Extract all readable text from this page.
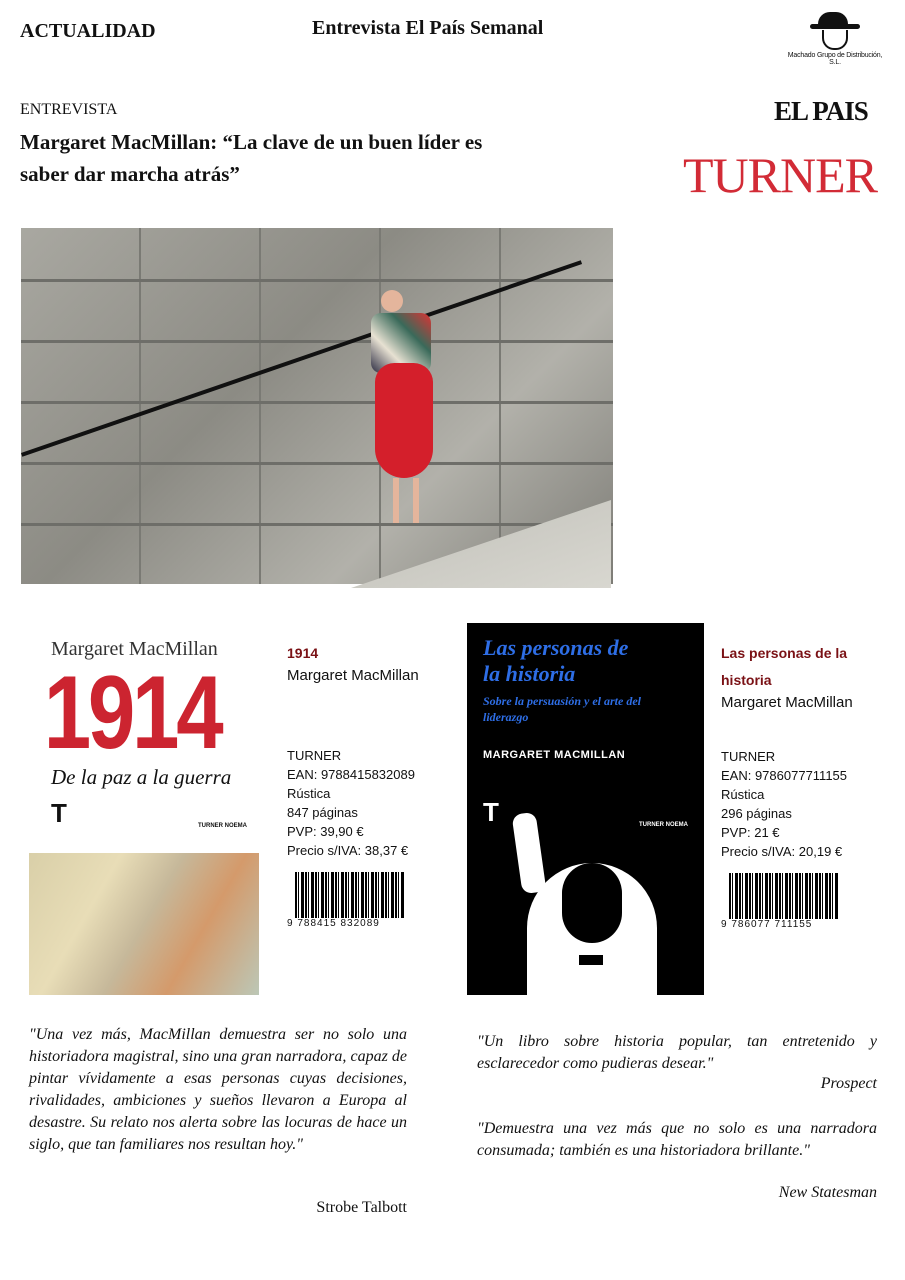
ACTUALIDAD	Entrevista El País Semanal
Machado Grupo de Distribución, S.L.
ENTREVISTA
Margaret MacMillan: “La clave de un buen líder es saber dar marcha atrás”
EL PAIS
TURNER
Margaret MacMillan
1914
De la paz a la guerra
T	TURNER NOEMA
1914
Margaret MacMillan
TURNER
EAN: 9788415832089
Rústica
847 páginas
PVP: 39,90 €
Precio s/IVA: 38,37 €
9 788415 832089
Las personas de la historia
Sobre la persuasión y el arte del liderazgo
MARGARET MACMILLAN
T	TURNER NOEMA
Las personas de la historia
Margaret MacMillan
TURNER
EAN: 9786077711155
Rústica
296 páginas
PVP: 21 €
Precio s/IVA: 20,19 €
9 786077 711155
"Una vez más, MacMillan demuestra ser no solo una historiadora magistral, sino una gran narradora, capaz de pintar vívidamente a esas personas cuyas decisiones, rivalidades, ambiciones y sueños llevaron a Europa al desastre. Su relato nos alerta sobre las locuras de hace un siglo, que tan familiares nos resultan hoy."
Strobe Talbott
"Un libro sobre historia popular, tan entretenido y esclarecedor como pudieras desear."
Prospect
"Demuestra una vez más que no solo es una narradora consumada; también es una historiadora brillante."
New Statesman
